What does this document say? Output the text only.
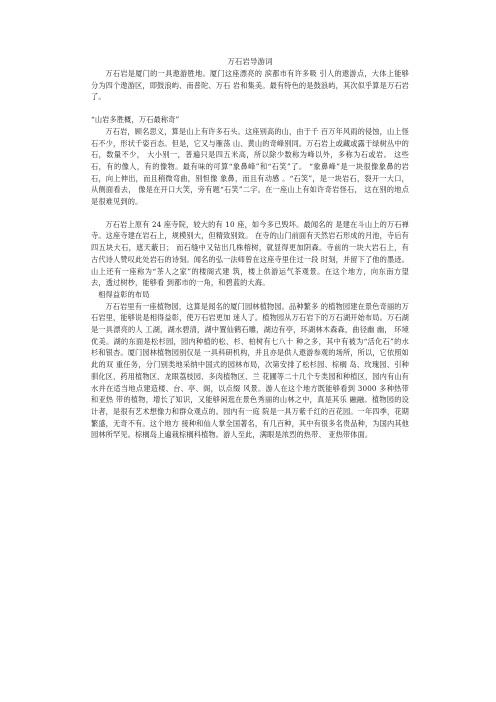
万石岩导游词

万石岩是厦门的一具遨游胜地。厦门这座漂亮的 滨都市有许多吸 引人的遨游点，大体上能够分为四个遨游区，即鼓浪屿、南普陀、万石 岩和集美。最有特色的是鼓浪屿，其次似乎算是万石岩了。

“山岩多胜概，万石最称奇”

万石岩，顾名思义，算是山上有许多石头。这座别高的山，由于千 百万年风雨的侵蚀，山上怪石不少，形状千姿百态。但是，它又与雁荡 山、黄山的奇峰别同。万石岩上或藏或露于绿树丛中的石，数量不少， 大小别一，普遍只是四五米高，所以除少数称为峰以外，多称为石或岩。 这些石，有的像人，有的像物。最有味的可算“象鼻峰”和“石笑”了。 “象鼻峰”是一块很像象鼻的岩石，向上伸出，而且稍微弯曲，别怛像 象鼻，而且有动感 。“石笑”，是一块岩石，裂开一大口，从侧面看去， 像是在开口大笑，旁有题“石笑”二字。在一座山上有如许奇岩怪石， 这在别的地点是很难见到的。

万石岩上原有 24 座寺院，较大的有 10 座，如今多已毁坏。最闻名的 是建在斗山上的万石禅寺。这座寺建在岩石上，规模别大，但精致别致。 在寺的山门前面有天然岩石形成的月池，寺后有四五块大石，遮天蔽日； 而石缝中又钻出几株榕树，就显得更加阴森。寺前的一块大岩石上，有 古代诗人赞叹此处岩石的诗刻。闻名的弘一法师曾在这座寺里住过一段 时刻，并留下了他的墨迹。山上还有一座称为“茶人之家”的楼阁式建 筑，楼上供游运气茶观景。在这个地方，向东南方望去，透过树杪，能够看 到都市的一角，和碧蓝的大海。

相得益彰的布局

万石岩里有一座植物园，这算是闻名的厦门园林植物园。品种繁多 的植物园建在景色奇丽的万石岩里，能够说是相得益彰，使万石岩更加 迷人了。植物园从万石岩下的万石湖开始布局。万石湖是一具漂亮的人 工湖，湖水碧清，湖中置仙鹤石雕，湖边有亭，环湖林木森森，曲径幽 幽， 环境优美。湖的东面是松杉园，园内种植的松、杉、柏树有七八十 种之多，其中有被为“活化石”的水杉和银杏。厦门园林植物园别仅是 一具科研机构，并且亦是供人遨游参观的场所，所以，它依照如此的双 重任务，分门别类地采纳中国式的园林布局，次第安排了松杉园、棕榈 岛、玫瑰园、引种驯化区、药用植物区、龙眼荔枝园、多肉植物区、兰 花圃等二十几个专类园和种植区，园内有山有水并在适当地点建造楼、台、亭、阁，以点缀 风景。游人在这个地方既能够看到 3000 多种热带和亚热 带的植物，增长了知识，又能够闲逛在景色秀丽的山林之中，真是其乐 融融。植物园的设计者，是很有艺术想像力和群众观点的。园内有一庭 院是一具万紫千红的百花园。一年四季，花期繁盛，无奇不有。这个地方 接种和仙人掌全国著名，有几百种，其中有很多名贵品种，为国内其他 园林所罕见。棕榈岛上遍栽棕榈科植物。游人至此，满眼是浓烈的热带、 亚热带体面。
